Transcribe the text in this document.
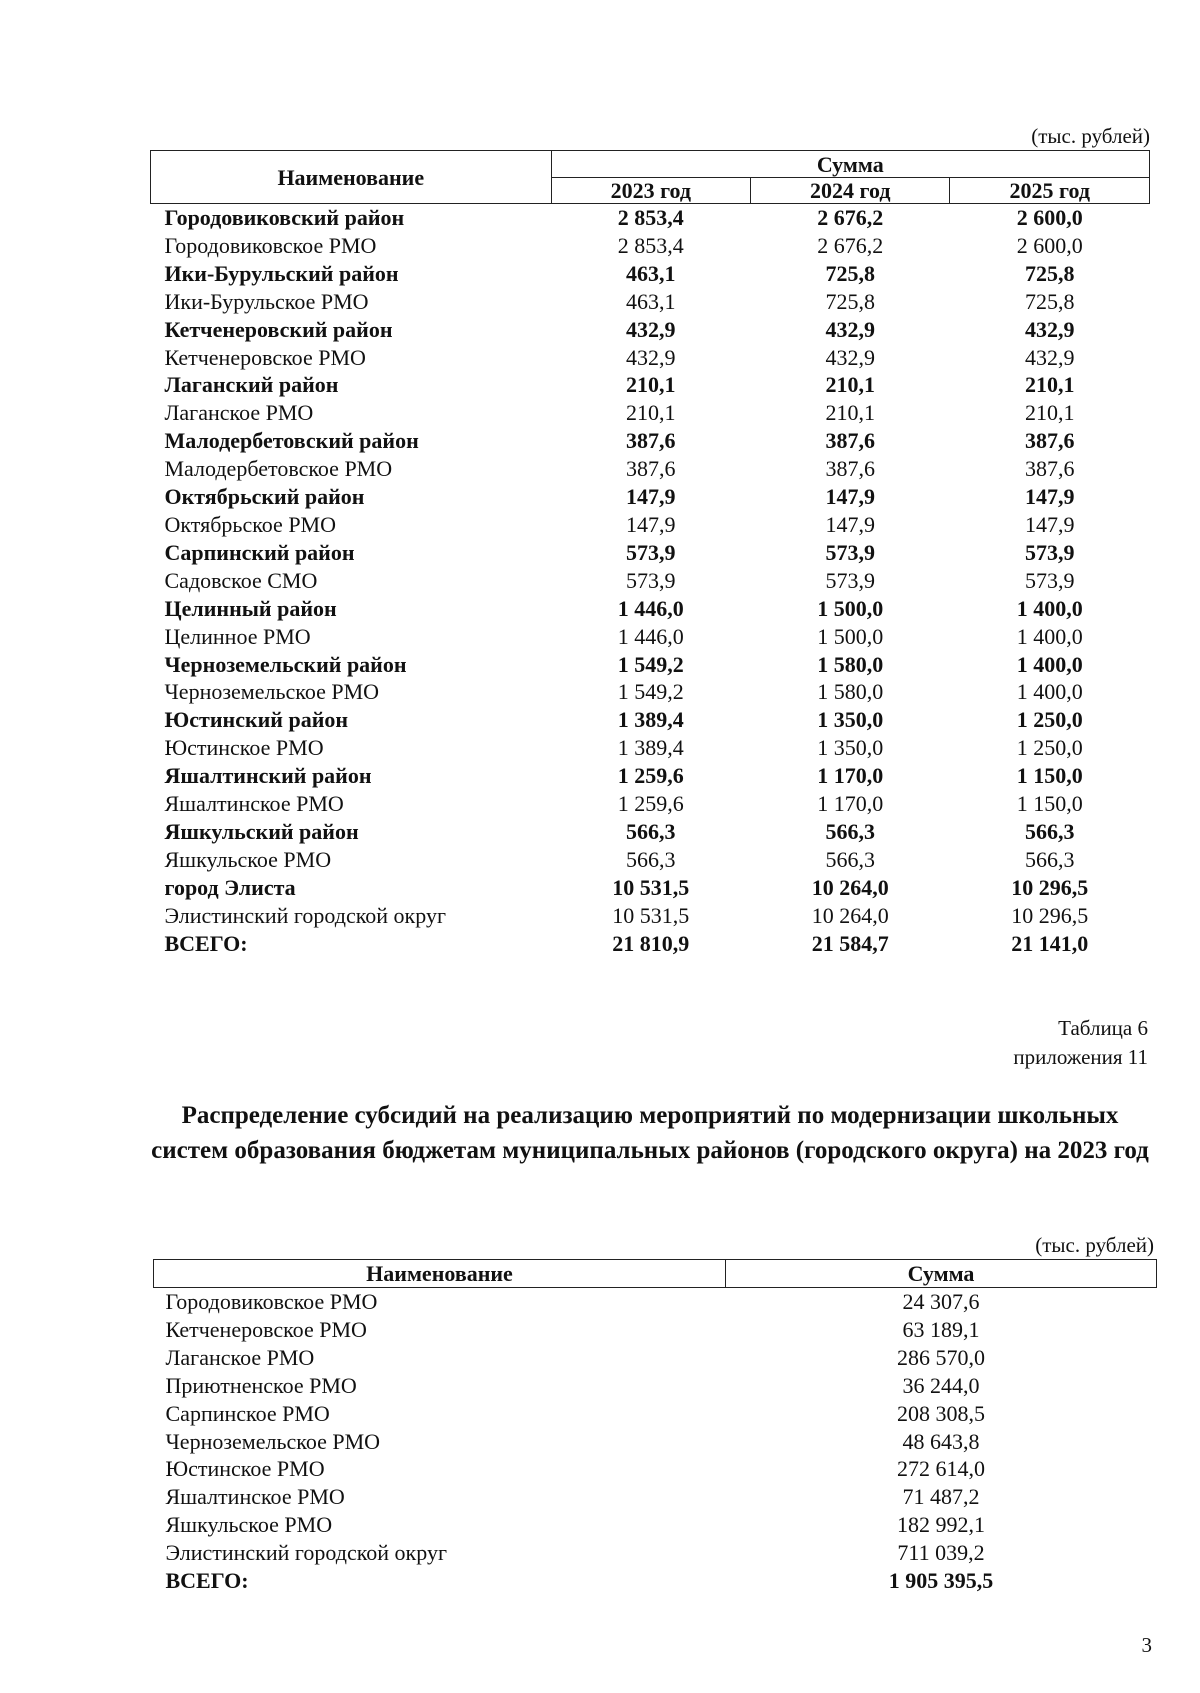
(тыс. рублей)
Наименование	Сумма		
	2023 год	2024 год	2025 год
Городовиковский район	2 853,4	2 676,2	2 600,0
Городовиковское РМО	2 853,4	2 676,2	2 600,0
Ики-Бурульский район	463,1	725,8	725,8
Ики-Бурульское РМО	463,1	725,8	725,8
Кетченеровский район	432,9	432,9	432,9
Кетченеровское РМО	432,9	432,9	432,9
Лаганский район	210,1	210,1	210,1
Лаганское РМО	210,1	210,1	210,1
Малодербетовский район	387,6	387,6	387,6
Малодербетовское РМО	387,6	387,6	387,6
Октябрьский район	147,9	147,9	147,9
Октябрьское РМО	147,9	147,9	147,9
Сарпинский район	573,9	573,9	573,9
Садовское СМО	573,9	573,9	573,9
Целинный район	1 446,0	1 500,0	1 400,0
Целинное РМО	1 446,0	1 500,0	1 400,0
Черноземельский район	1 549,2	1 580,0	1 400,0
Черноземельское РМО	1 549,2	1 580,0	1 400,0
Юстинский район	1 389,4	1 350,0	1 250,0
Юстинское РМО	1 389,4	1 350,0	1 250,0
Яшалтинский район	1 259,6	1 170,0	1 150,0
Яшалтинское РМО	1 259,6	1 170,0	1 150,0
Яшкульский район	566,3	566,3	566,3
Яшкульское РМО	566,3	566,3	566,3
город Элиста	10 531,5	10 264,0	10 296,5
Элистинский городской округ	10 531,5	10 264,0	10 296,5
ВСЕГО:	21 810,9	21 584,7	21 141,0
Таблица 6
приложения 11
Распределение субсидий на реализацию мероприятий по модернизации школьных систем образования бюджетам муниципальных районов (городского округа) на 2023 год
(тыс. рублей)
Наименование	Сумма
Городовиковское РМО	24 307,6
Кетченеровское РМО	63 189,1
Лаганское РМО	286 570,0
Приютненское РМО	36 244,0
Сарпинское РМО	208 308,5
Черноземельское РМО	48 643,8
Юстинское РМО	272 614,0
Яшалтинское РМО	71 487,2
Яшкульское РМО	182 992,1
Элистинский городской округ	711 039,2
ВСЕГО:	1 905 395,5
3
